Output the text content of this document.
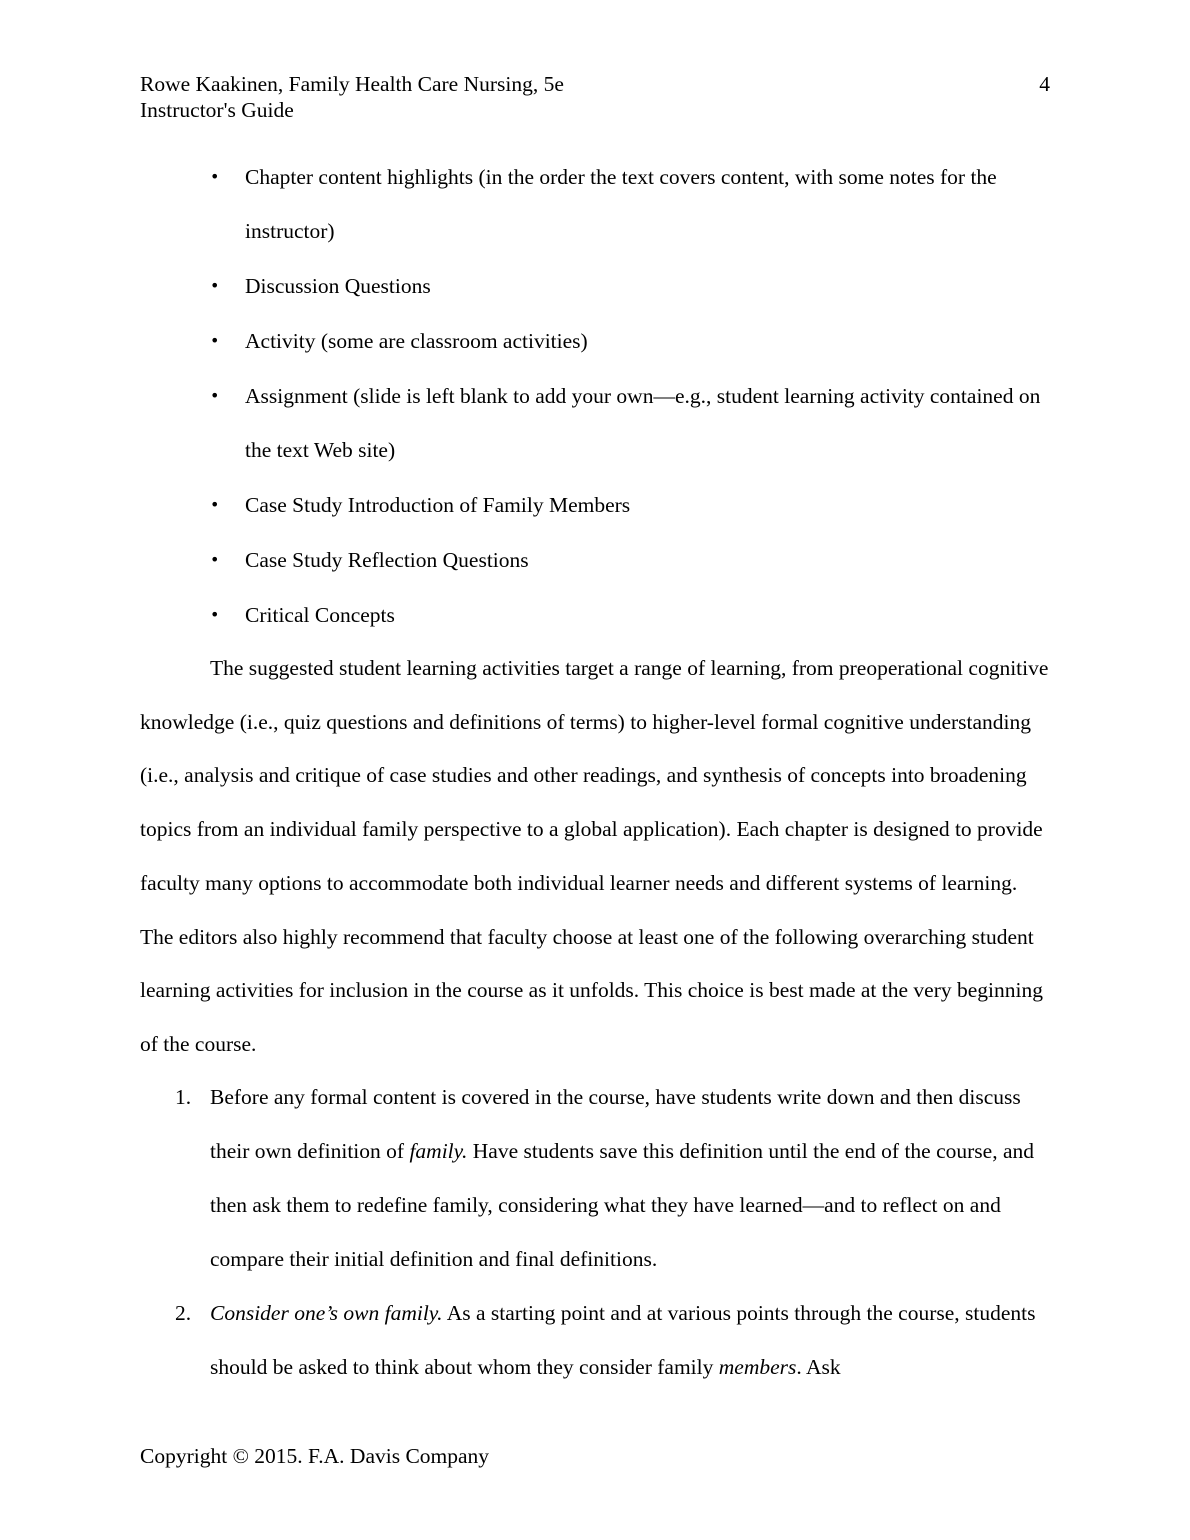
Rowe Kaakinen, Family Health Care Nursing, 5e
Instructor's Guide
4
• Chapter content highlights (in the order the text covers content, with some notes for the instructor)
• Discussion Questions
• Activity (some are classroom activities)
• Assignment (slide is left blank to add your own—e.g., student learning activity contained on the text Web site)
• Case Study Introduction of Family Members
• Case Study Reflection Questions
• Critical Concepts

The suggested student learning activities target a range of learning, from preoperational cognitive knowledge (i.e., quiz questions and definitions of terms) to higher-level formal cognitive understanding (i.e., analysis and critique of case studies and other readings, and synthesis of concepts into broadening topics from an individual family perspective to a global application). Each chapter is designed to provide faculty many options to accommodate both individual learner needs and different systems of learning. The editors also highly recommend that faculty choose at least one of the following overarching student learning activities for inclusion in the course as it unfolds. This choice is best made at the very beginning of the course.

1. Before any formal content is covered in the course, have students write down and then discuss their own definition of family. Have students save this definition until the end of the course, and then ask them to redefine family, considering what they have learned—and to reflect on and compare their initial definition and final definitions.
2. Consider one’s own family. As a starting point and at various points through the course, students should be asked to think about whom they consider family members. Ask
Copyright © 2015. F.A. Davis Company
